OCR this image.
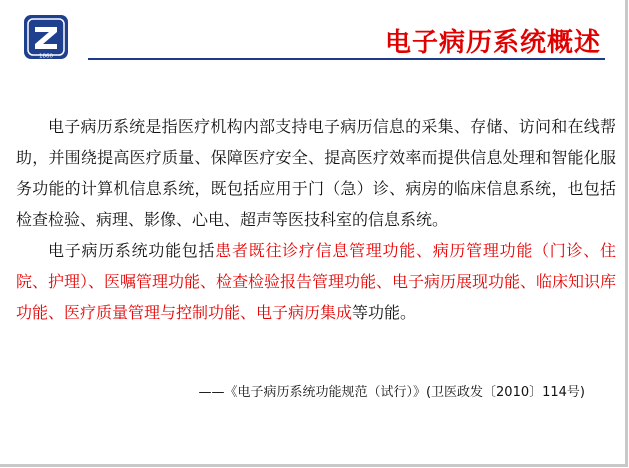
1860	电子病历系统概述

电子病历系统是指医疗机构内部支持电子病历信息的采集、存储、访问和在线帮助，并围绕提高医疗质量、保障医疗安全、提高医疗效率而提供信息处理和智能化服务功能的计算机信息系统，既包括应用于门（急）诊、病房的临床信息系统，也包括检查检验、病理、影像、心电、超声等医技科室的信息系统。

电子病历系统功能包括患者既往诊疗信息管理功能、病历管理功能（门诊、住院、护理）、医嘱管理功能、检查检验报告管理功能、电子病历展现功能、临床知识库功能、医疗质量管理与控制功能、电子病历集成等功能。

——《电子病历系统功能规范（试行）》(卫医政发〔2010〕114号)
